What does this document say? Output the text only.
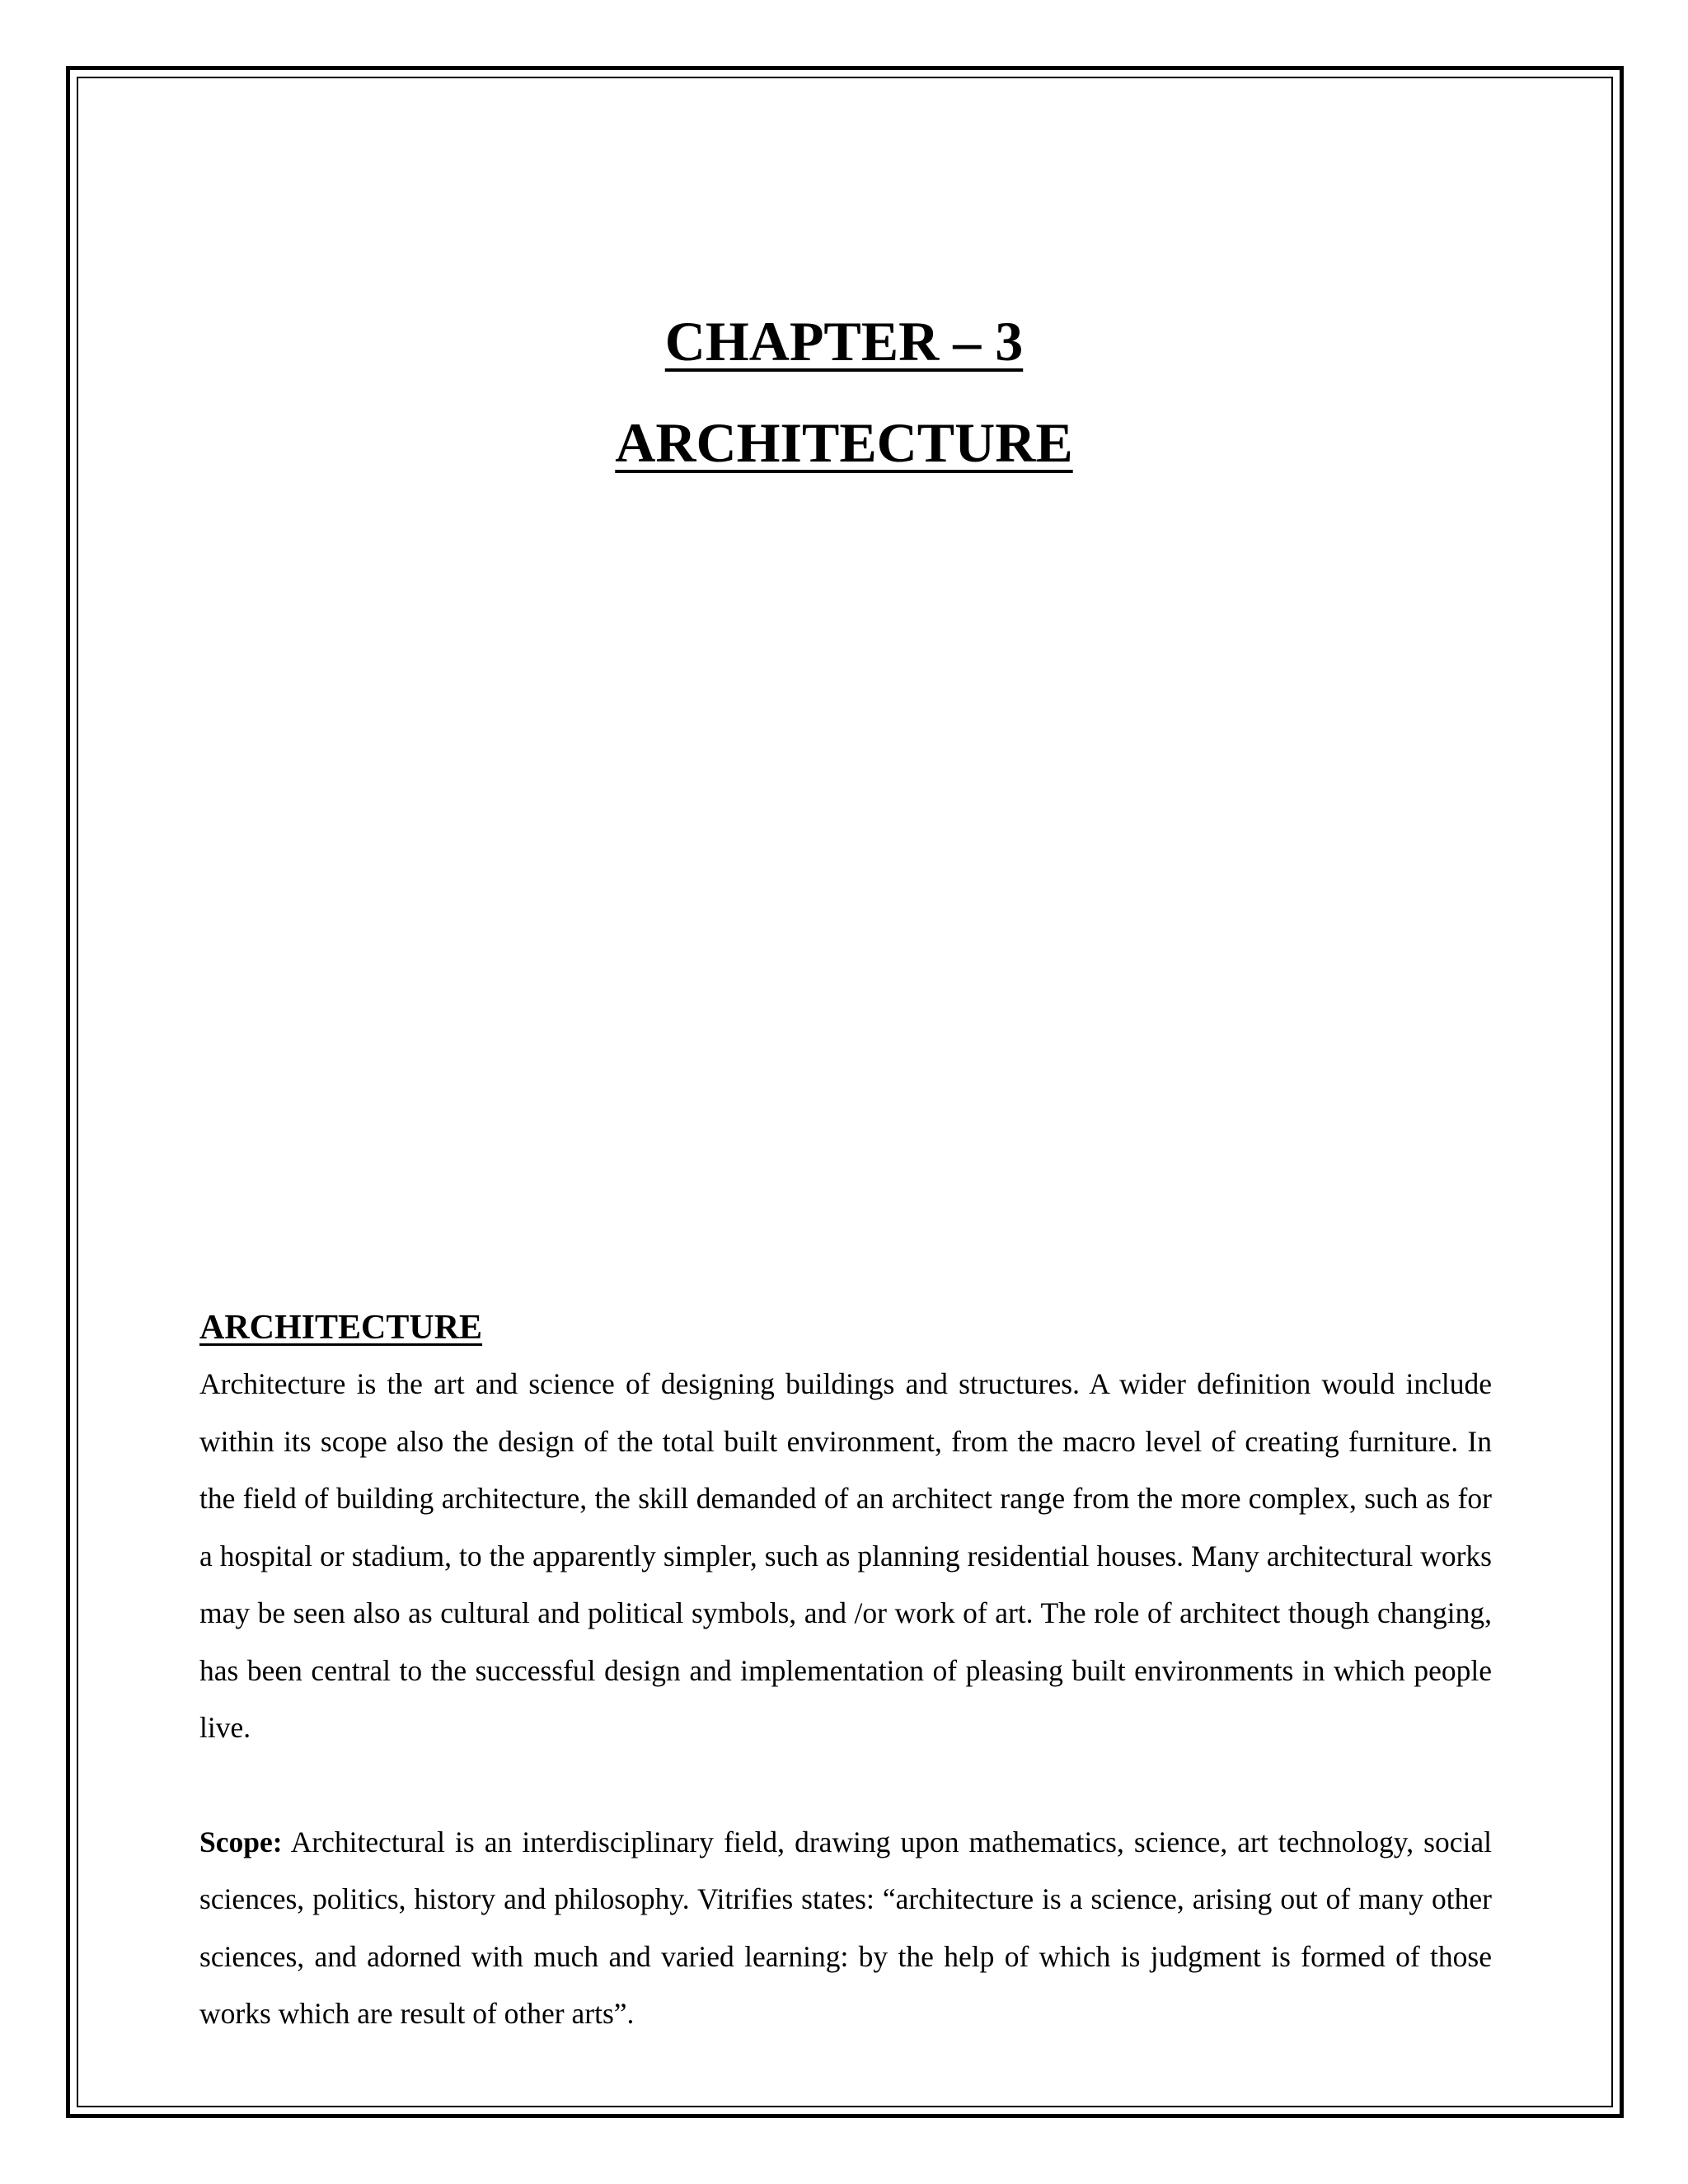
CHAPTER – 3
ARCHITECTURE
ARCHITECTURE

Architecture is the art and science of designing buildings and structures. A wider definition would include within its scope also the design of the total built environment, from the macro level of creating furniture. In the field of building architecture, the skill demanded of an architect range from the more complex, such as for a hospital or stadium, to the apparently simpler, such as planning residential houses. Many architectural works may be seen also as cultural and political symbols, and /or work of art. The role of architect though changing, has been central to the successful design and implementation of pleasing built environments in which people live.

Scope: Architectural is an interdisciplinary field, drawing upon mathematics, science, art technology, social sciences, politics, history and philosophy. Vitrifies states: “architecture is a science, arising out of many other sciences, and adorned with much and varied learning: by the help of which is judgment is formed of those works which are result of other arts”.
